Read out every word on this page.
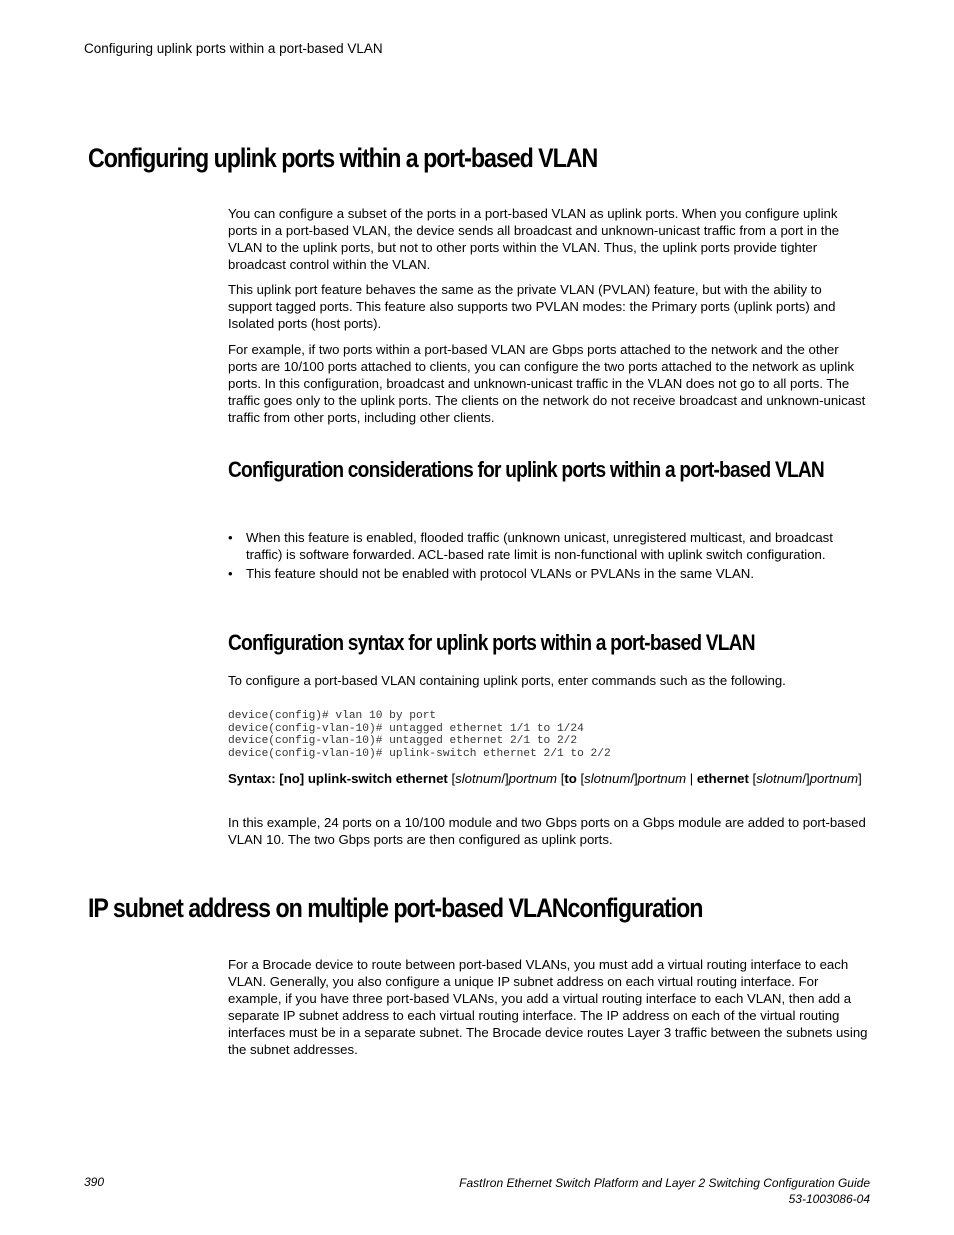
Configuring uplink ports within a port-based VLAN
Configuring uplink ports within a port-based VLAN

You can configure a subset of the ports in a port-based VLAN as uplink ports. When you configure uplink ports in a port-based VLAN, the device sends all broadcast and unknown-unicast traffic from a port in the VLAN to the uplink ports, but not to other ports within the VLAN. Thus, the uplink ports provide tighter broadcast control within the VLAN.

This uplink port feature behaves the same as the private VLAN (PVLAN) feature, but with the ability to support tagged ports. This feature also supports two PVLAN modes: the Primary ports (uplink ports) and Isolated ports (host ports).

For example, if two ports within a port-based VLAN are Gbps ports attached to the network and the other ports are 10/100 ports attached to clients, you can configure the two ports attached to the network as uplink ports. In this configuration, broadcast and unknown-unicast traffic in the VLAN does not go to all ports. The traffic goes only to the uplink ports. The clients on the network do not receive broadcast and unknown-unicast traffic from other ports, including other clients.

Configuration considerations for uplink ports within a port-based VLAN
• When this feature is enabled, flooded traffic (unknown unicast, unregistered multicast, and broadcast traffic) is software forwarded. ACL-based rate limit is non-functional with uplink switch configuration.
• This feature should not be enabled with protocol VLANs or PVLANs in the same VLAN.
Configuration syntax for uplink ports within a port-based VLAN

To configure a port-based VLAN containing uplink ports, enter commands such as the following.

device(config)# vlan 10 by port
device(config-vlan-10)# untagged ethernet 1/1 to 1/24
device(config-vlan-10)# untagged ethernet 2/1 to 2/2
device(config-vlan-10)# uplink-switch ethernet 2/1 to 2/2
Syntax: [no] uplink-switch ethernet [slotnum/]portnum [to [slotnum/]portnum | ethernet [slotnum/]portnum]

In this example, 24 ports on a 10/100 module and two Gbps ports on a Gbps module are added to port-based VLAN 10. The two Gbps ports are then configured as uplink ports.

IP subnet address on multiple port-based VLANconfiguration

For a Brocade device to route between port-based VLANs, you must add a virtual routing interface to each VLAN. Generally, you also configure a unique IP subnet address on each virtual routing interface. For example, if you have three port-based VLANs, you add a virtual routing interface to each VLAN, then add a separate IP subnet address to each virtual routing interface. The IP address on each of the virtual routing interfaces must be in a separate subnet. The Brocade device routes Layer 3 traffic between the subnets using the subnet addresses.

390	FastIron Ethernet Switch Platform and Layer 2 Switching Configuration Guide
53-1003086-04
